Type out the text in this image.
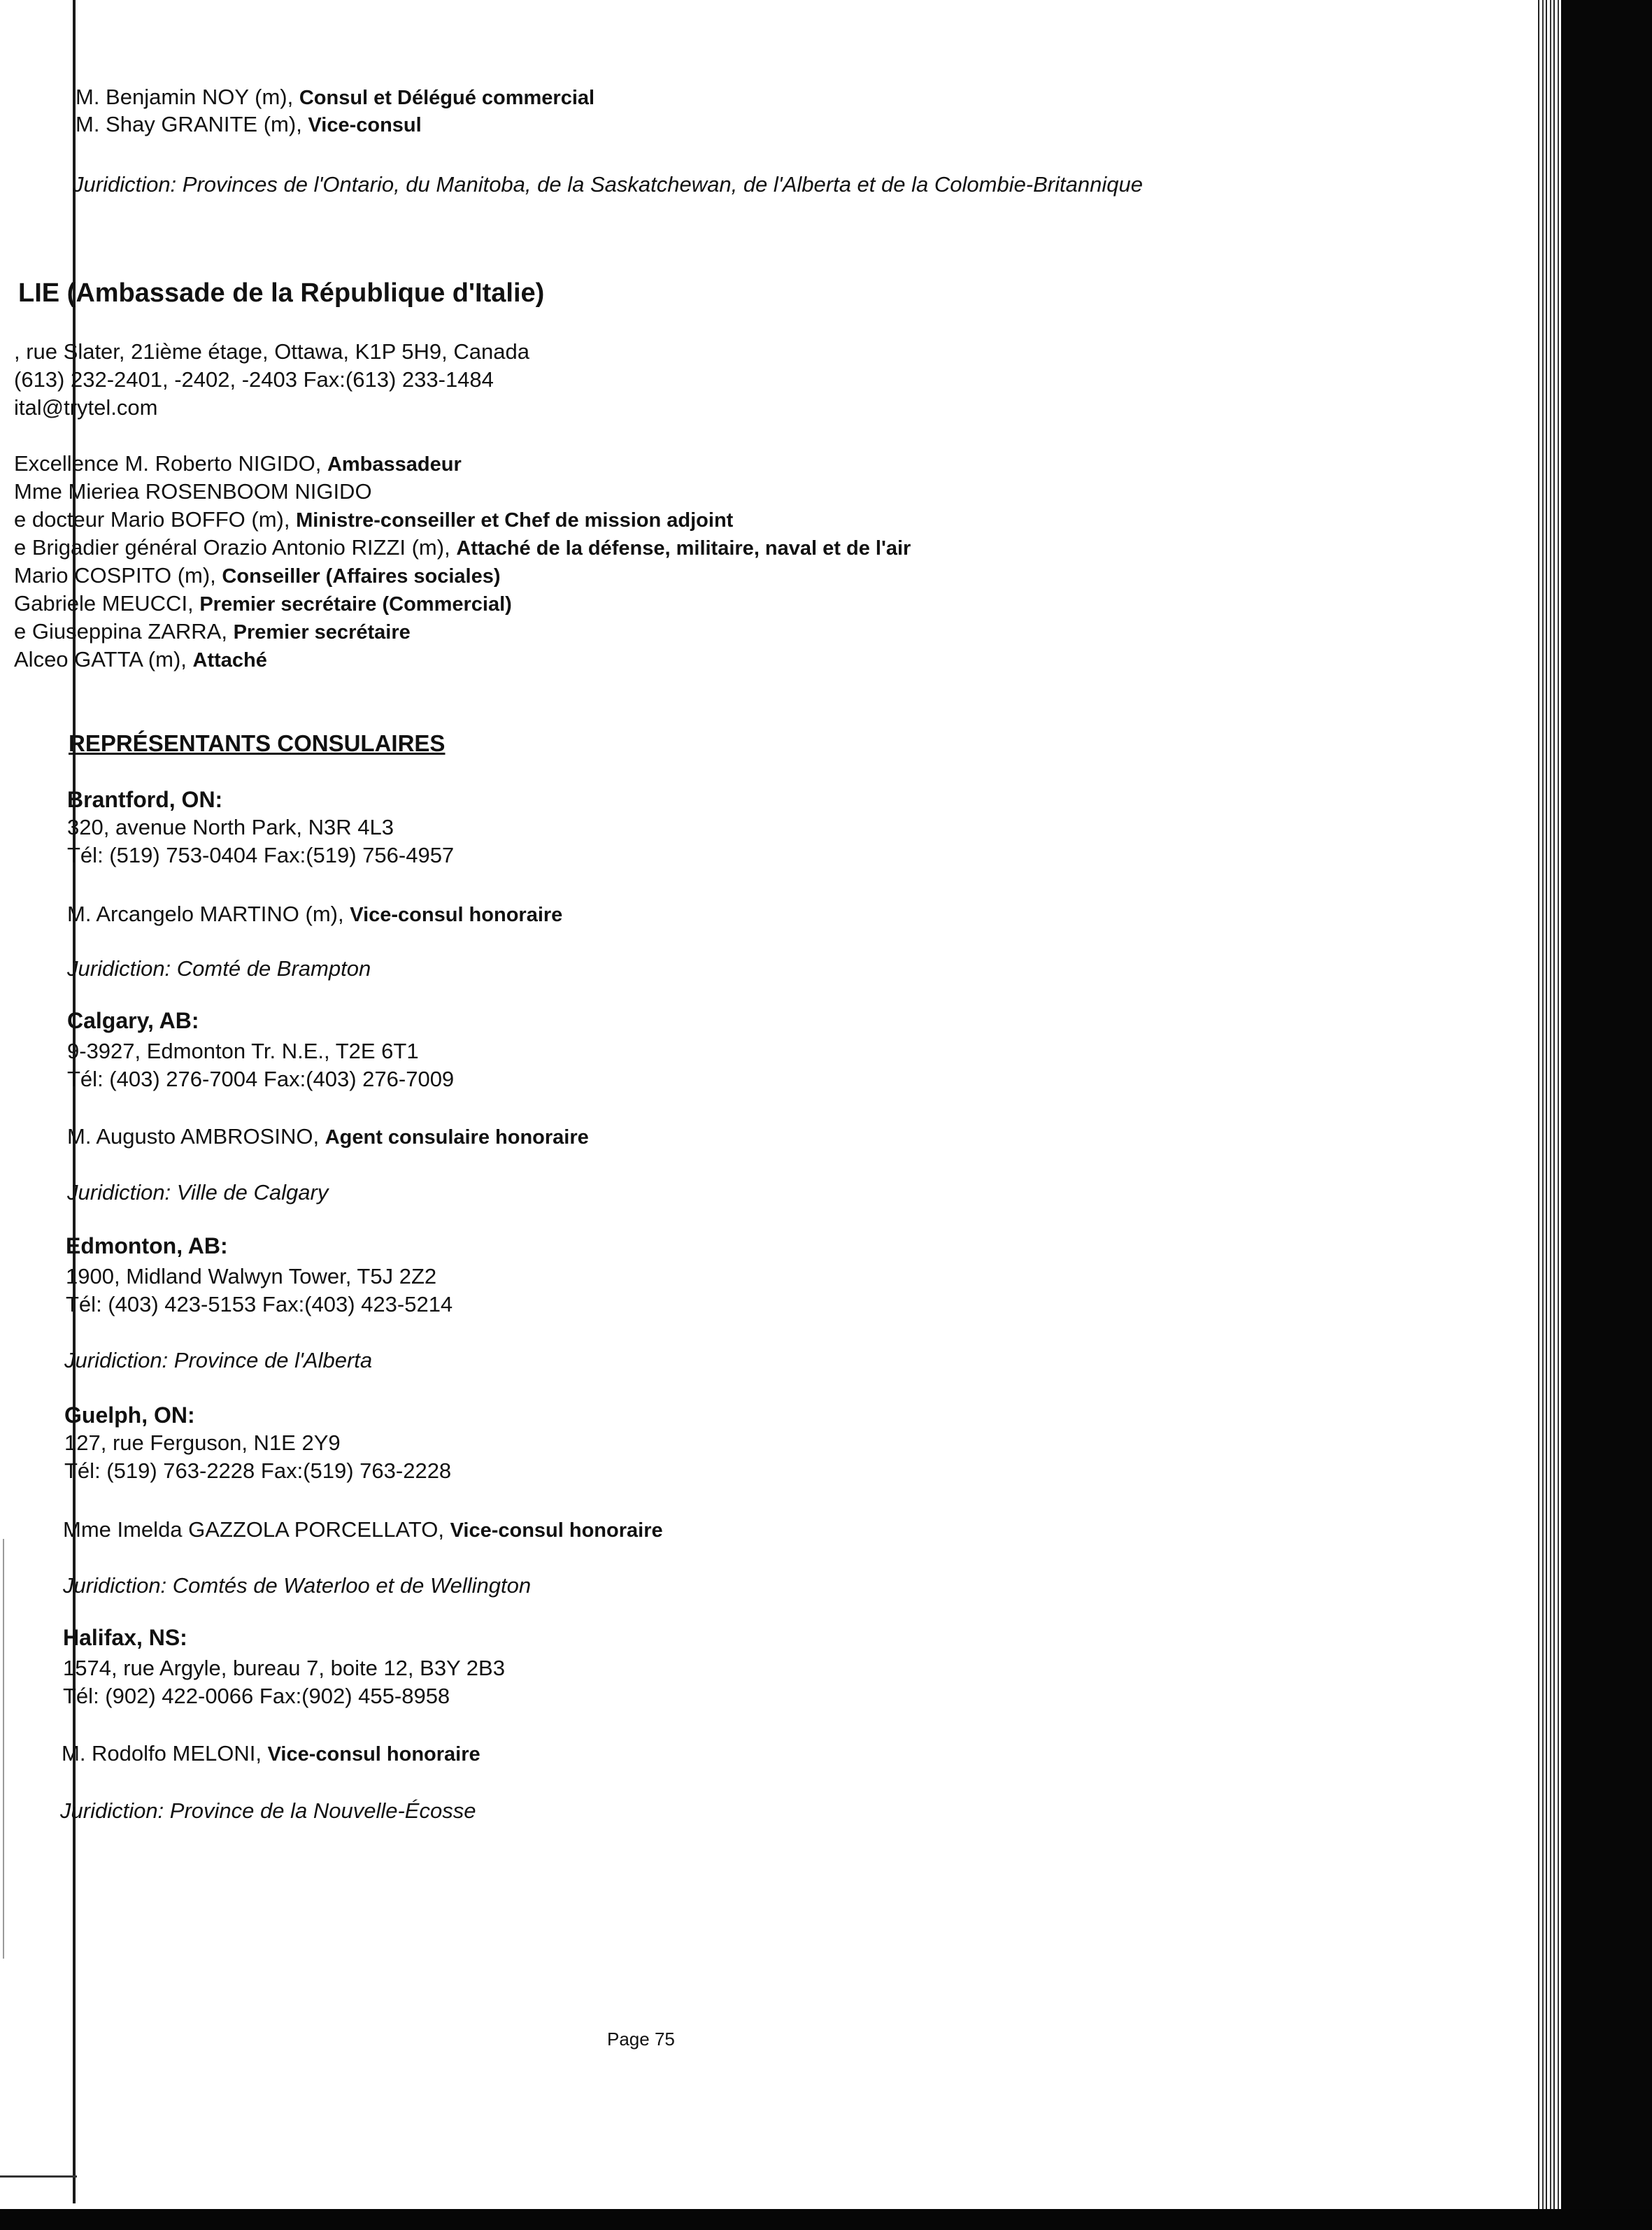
M. Benjamin NOY (m), Consul et Délégué commercial
M. Shay GRANITE (m), Vice-consul
Juridiction: Provinces de l'Ontario, du Manitoba, de la Saskatchewan, de l'Alberta et de la Colombie-Britannique
LIE (Ambassade de la République d'Italie)
, rue Slater, 21ième étage, Ottawa, K1P 5H9, Canada
(613) 232-2401, -2402, -2403 Fax:(613) 233-1484
ital@trytel.com
Excellence M. Roberto NIGIDO, Ambassadeur
Mme Mieriea ROSENBOOM NIGIDO
e docteur Mario BOFFO (m), Ministre-conseiller et Chef de mission adjoint
e Brigadier général Orazio Antonio RIZZI (m), Attaché de la défense, militaire, naval et de l'air
Mario COSPITO (m), Conseiller (Affaires sociales)
Gabriele MEUCCI, Premier secrétaire (Commercial)
e Giuseppina ZARRA, Premier secrétaire
Alceo GATTA (m), Attaché
REPRÉSENTANTS CONSULAIRES
Brantford, ON:
320, avenue North Park, N3R 4L3
Tél: (519) 753-0404 Fax:(519) 756-4957
M. Arcangelo MARTINO (m), Vice-consul honoraire
Juridiction: Comté de Brampton
Calgary, AB:
9-3927, Edmonton Tr. N.E., T2E 6T1
Tél: (403) 276-7004 Fax:(403) 276-7009
M. Augusto AMBROSINO, Agent consulaire honoraire
Juridiction: Ville de Calgary
Edmonton, AB:
1900, Midland Walwyn Tower, T5J 2Z2
Tél: (403) 423-5153 Fax:(403) 423-5214
Juridiction: Province de l'Alberta
Guelph, ON:
127, rue Ferguson, N1E 2Y9
Tél: (519) 763-2228 Fax:(519) 763-2228
Mme Imelda GAZZOLA PORCELLATO, Vice-consul honoraire
Juridiction: Comtés de Waterloo et de Wellington
Halifax, NS:
1574, rue Argyle, bureau 7, boite 12, B3Y 2B3
Tél: (902) 422-0066 Fax:(902) 455-8958
M. Rodolfo MELONI, Vice-consul honoraire
Juridiction: Province de la Nouvelle-Écosse
Page 75
